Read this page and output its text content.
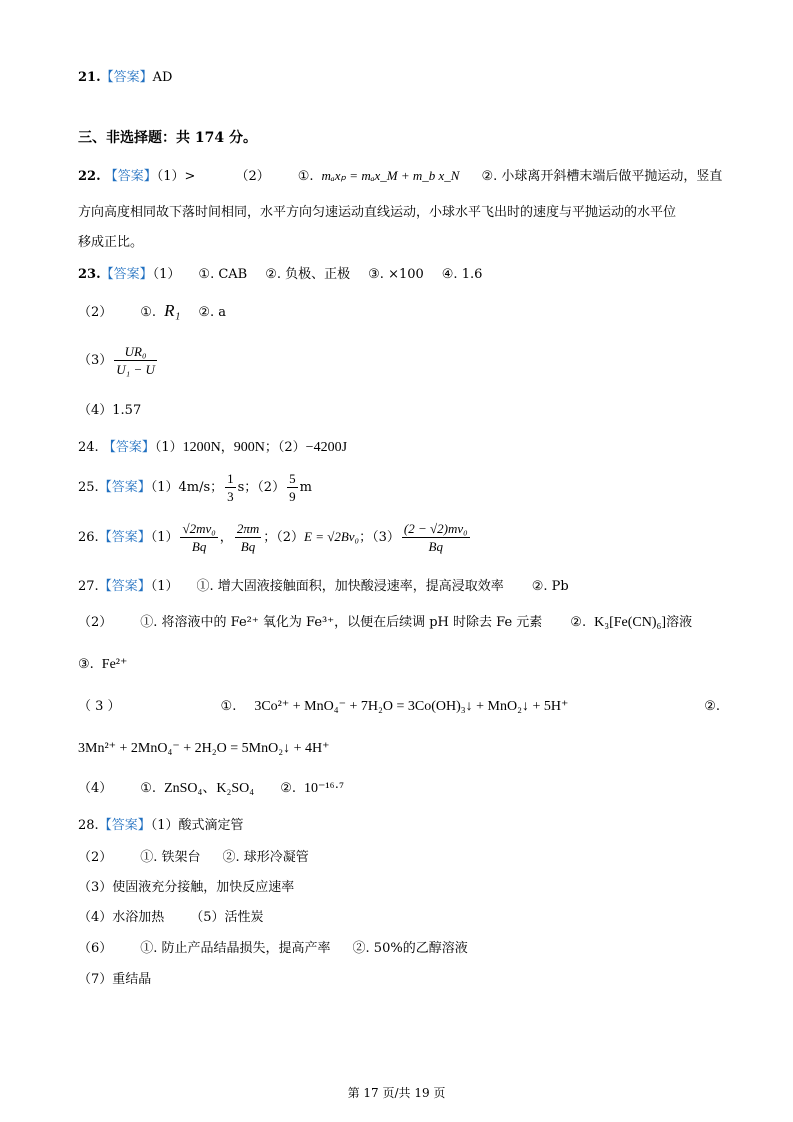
21.【答案】AD
三、非选择题：共 174 分。
22. 【答案】（1）>	（2） ①. mₐxₚ = mₐx_M + m_b x_N ②. 小球离开斜槽末端后做平抛运动，竖直
方向高度相同故下落时间相同，水平方向匀速运动直线运动，小球水平飞出时的速度与平抛运动的水平位
移成正比。
23.【答案】（1） ①. CAB ②. 负极、正极 ③. ×100 ④. 1.6
（2） ①. R₁ ②. a
$(3) \frac{\text{UR₀}}{\text{U₁ − U}}$
（4）1.57
24. 【答案】（1）1200N，900N；（2）−4200J
25.【答案】（1）4m/s； $\frac{1}{3}$ s；$(2) \frac{5}{9}$ m
26.【答案】$(1) \frac{\text{√2mv₀}}{Bq}$ ， $\frac{2\pi m}{Bq}$ ；（2）E = √2Bv₀；$(3) \frac{\text{(2 − √2)mv₀}}{Bq}$
27.【答案】（1） ①. 增大固液接触面积，加快酸浸速率，提高浸取效率 ②. Pb
（2） ①. 将溶液中的 Fe²⁺ 氧化为 Fe³⁺，以便在后续调 pH 时除去 Fe 元素 ②. K₃[Fe(CN)₆]溶液
③. Fe²⁺
（ 3 ）	①. 3Co²⁺ + MnO₄⁻ + 7H₂O = 3Co(OH)₃↓ + MnO₂↓ + 5H⁺	②.
3Mn²⁺ + 2MnO₄⁻ + 2H₂O = 5MnO₂↓ + 4H⁺
（4） ①. ZnSO₄、K₂SO₄ ②. 10⁻¹⁶·⁷
28.【答案】（1）酸式滴定管
（2） ①. 铁架台 ②. 球形冷凝管
（3）使固液充分接触，加快反应速率
（4）水浴加热 （5）活性炭
（6） ①. 防止产品结晶损失，提高产率 ②. 50%的乙醇溶液
（7）重结晶
第 17 页/共 19 页
